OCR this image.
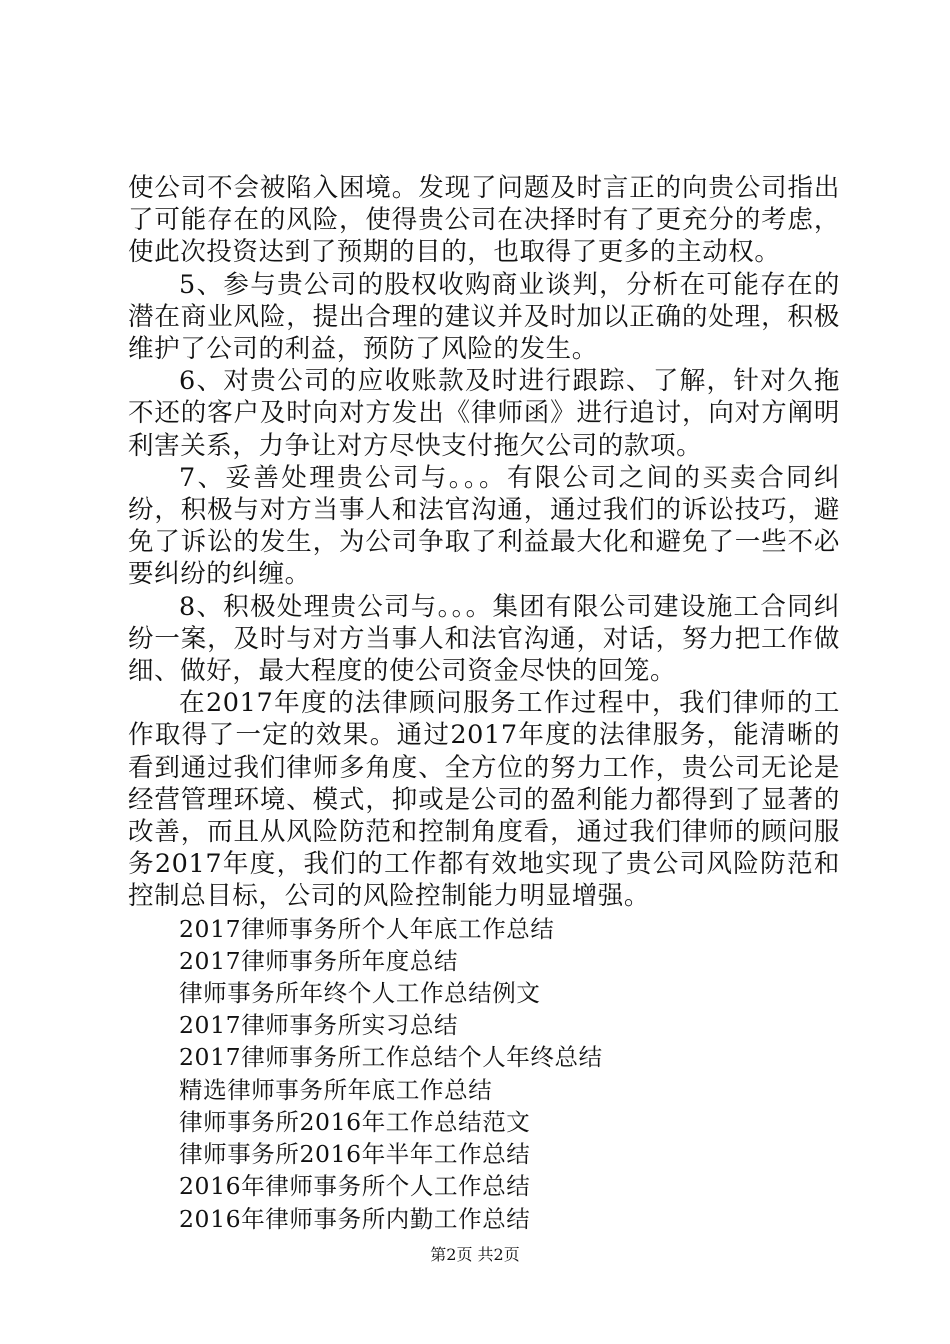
使公司不会被陷入困境。发现了问题及时言正的向贵公司指出了可能存在的风险，使得贵公司在决择时有了更充分的考虑，使此次投资达到了预期的目的，也取得了更多的主动权。

5、参与贵公司的股权收购商业谈判，分析在可能存在的潜在商业风险，提出合理的建议并及时加以正确的处理，积极维护了公司的利益，预防了风险的发生。

6、对贵公司的应收账款及时进行跟踪、了解，针对久拖不还的客户及时向对方发出《律师函》进行追讨，向对方阐明利害关系，力争让对方尽快支付拖欠公司的款项。

7、妥善处理贵公司与。。。有限公司之间的买卖合同纠纷，积极与对方当事人和法官沟通，通过我们的诉讼技巧，避免了诉讼的发生，为公司争取了利益最大化和避免了一些不必要纠纷的纠缠。

8、积极处理贵公司与。。。集团有限公司建设施工合同纠纷一案，及时与对方当事人和法官沟通，对话，努力把工作做细、做好，最大程度的使公司资金尽快的回笼。

在2017年度的法律顾问服务工作过程中，我们律师的工作取得了一定的效果。通过2017年度的法律服务，能清晰的看到通过我们律师多角度、全方位的努力工作，贵公司无论是经营管理环境、模式，抑或是公司的盈利能力都得到了显著的改善，而且从风险防范和控制角度看，通过我们律师的顾问服务2017年度，我们的工作都有效地实现了贵公司风险防范和控制总目标，公司的风险控制能力明显增强。

2017律师事务所个人年底工作总结
2017律师事务所年度总结
律师事务所年终个人工作总结例文
2017律师事务所实习总结
2017律师事务所工作总结个人年终总结
精选律师事务所年底工作总结
律师事务所2016年工作总结范文
律师事务所2016年半年工作总结
2016年律师事务所个人工作总结
2016年律师事务所内勤工作总结
第2页 共2页
